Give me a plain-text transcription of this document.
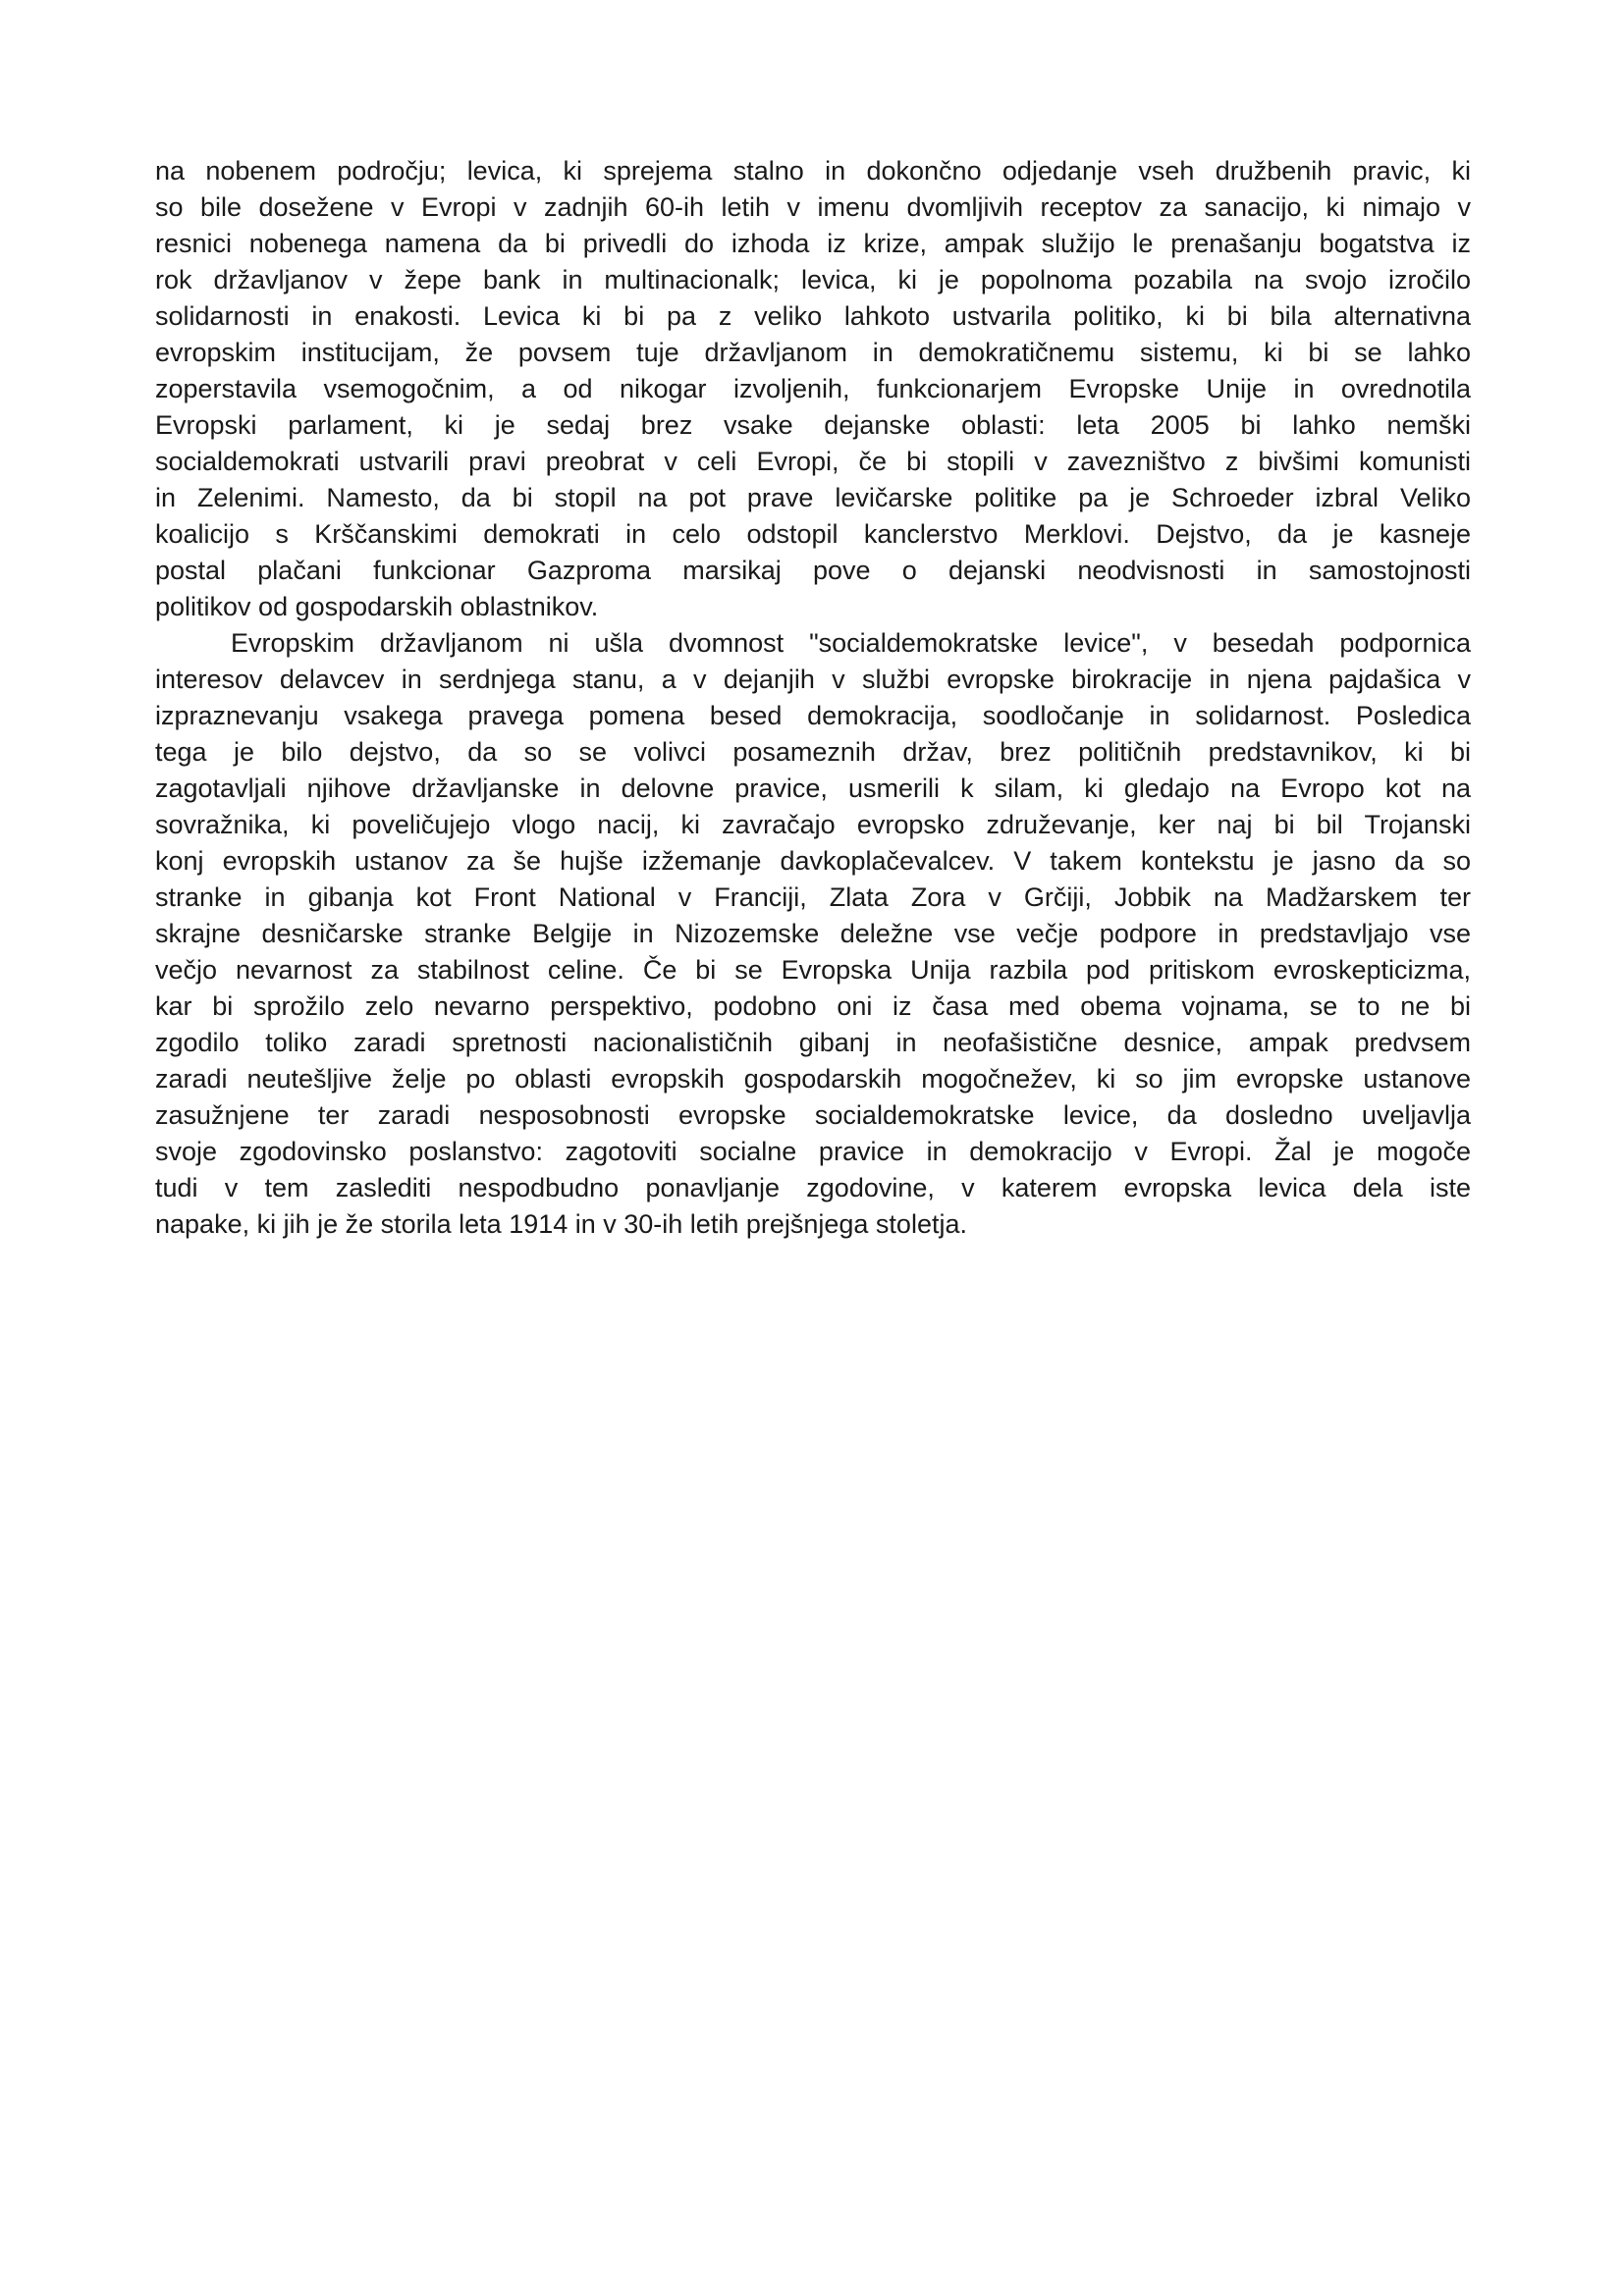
na nobenem področju; levica, ki sprejema stalno in dokončno odjedanje vseh družbenih pravic, ki
so bile dosežene v Evropi v zadnjih 60-ih letih v imenu dvomljivih receptov za sanacijo, ki nimajo v
resnici nobenega namena da bi privedli do izhoda iz krize, ampak služijo le prenašanju bogatstva iz
rok državljanov v žepe bank in multinacionalk; levica, ki je popolnoma pozabila na svojo izročilo
solidarnosti in enakosti. Levica ki bi pa z veliko lahkoto ustvarila politiko, ki bi bila alternativna
evropskim institucijam, že povsem tuje državljanom in demokratičnemu sistemu, ki bi se lahko
zoperstavila vsemogočnim, a od nikogar izvoljenih, funkcionarjem Evropske Unije in ovrednotila
Evropski parlament, ki je sedaj brez vsake dejanske oblasti: leta 2005 bi lahko nemški
socialdemokrati ustvarili pravi preobrat v celi Evropi, če bi stopili v zavezništvo z bivšimi komunisti
in Zelenimi. Namesto, da bi stopil na pot prave levičarske politike pa je Schroeder izbral Veliko
koalicijo s Krščanskimi demokrati in celo odstopil kanclerstvo Merklovi. Dejstvo, da je kasneje
postal plačani funkcionar Gazproma marsikaj pove o dejanski neodvisnosti in samostojnosti
politikov od gospodarskih oblastnikov.
Evropskim državljanom ni ušla dvomnost "socialdemokratske levice", v besedah podpornica
interesov delavcev in serdnjega stanu, a v dejanjih v službi evropske birokracije in njena pajdašica v
izpraznevanju vsakega pravega pomena besed demokracija, soodločanje in solidarnost. Posledica
tega je bilo dejstvo, da so se volivci posameznih držav, brez političnih predstavnikov, ki bi
zagotavljali njihove državljanske in delovne pravice, usmerili k silam, ki gledajo na Evropo kot na
sovražnika, ki poveličujejo vlogo nacij, ki zavračajo evropsko združevanje, ker naj bi bil Trojanski
konj evropskih ustanov za še hujše izžemanje davkoplačevalcev. V takem kontekstu je jasno da so
stranke in gibanja kot Front National v Franciji, Zlata Zora v Grčiji, Jobbik na Madžarskem ter
skrajne desničarske stranke Belgije in Nizozemske deležne vse večje podpore in predstavljajo vse
večjo nevarnost za stabilnost celine. Če bi se Evropska Unija razbila pod pritiskom evroskepticizma,
kar bi sprožilo zelo nevarno perspektivo, podobno oni iz časa med obema vojnama, se to ne bi
zgodilo toliko zaradi spretnosti nacionalističnih gibanj in neofašistične desnice, ampak predvsem
zaradi neutešljive želje po oblasti evropskih gospodarskih mogočnežev, ki so jim evropske ustanove
zasužnjene ter zaradi nesposobnosti evropske socialdemokratske levice, da dosledno uveljavlja
svoje zgodovinsko poslanstvo: zagotoviti socialne pravice in demokracijo v Evropi. Žal je mogoče
tudi v tem zaslediti nespodbudno ponavljanje zgodovine, v katerem evropska levica dela iste
napake, ki jih je že storila leta 1914 in v 30-ih letih prejšnjega stoletja.
